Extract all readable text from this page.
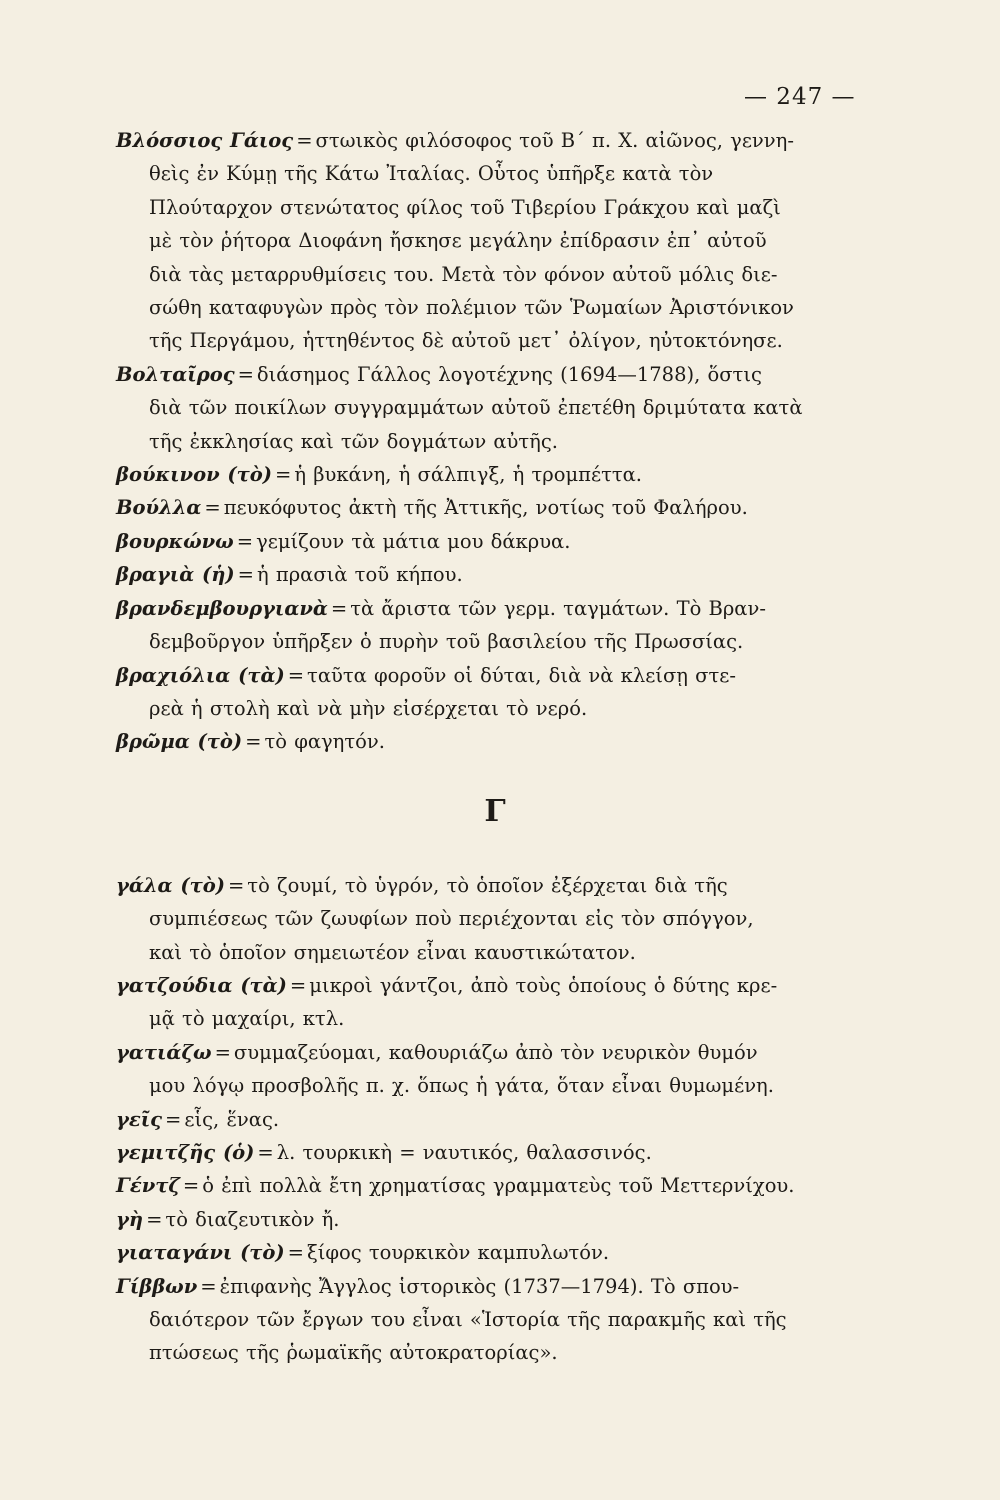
— 247 —
Βλόσσιος Γάιος = στωικὸς φιλόσοφος τοῦ Β΄ π. Χ. αἰῶνος, γεννη-
θεὶς ἐν Κύμῃ τῆς Κάτω Ἰταλίας. Οὗτος ὑπῆρξε κατὰ τὸν
Πλούταρχον στενώτατος φίλος τοῦ Τιβερίου Γράκχου καὶ μαζὶ
μὲ τὸν ῥήτορα Διοφάνη ἤσκησε μεγάλην ἐπίδρασιν ἐπ᾽ αὐτοῦ
διὰ τὰς μεταρρυθμίσεις του. Μετὰ τὸν φόνον αὐτοῦ μόλις διε-
σώθη καταφυγὼν πρὸς τὸν πολέμιον τῶν Ῥωμαίων Ἀριστόνικον
τῆς Περγάμου, ἡττηθέντος δὲ αὐτοῦ μετ᾽ ὀλίγον, ηὐτοκτόνησε.
Βολταῖρος = διάσημος Γάλλος λογοτέχνης (1694—1788), ὅστις
διὰ τῶν ποικίλων συγγραμμάτων αὐτοῦ ἐπετέθη δριμύτατα κατὰ
τῆς ἐκκλησίας καὶ τῶν δογμάτων αὐτῆς.
βούκινον (τὸ) = ἡ βυκάνη, ἡ σάλπιγξ, ἡ τρομπέττα.
Βούλλα = πευκόφυτος ἀκτὴ τῆς Ἀττικῆς, νοτίως τοῦ Φαλήρου.
βουρκώνω = γεμίζουν τὰ μάτια μου δάκρυα.
βραγιὰ (ἡ) = ἡ πρασιὰ τοῦ κήπου.
βρανδεμβουργιανὰ = τὰ ἄριστα τῶν γερμ. ταγμάτων. Τὸ Βραν-
δεμβοῦργον ὑπῆρξεν ὁ πυρὴν τοῦ βασιλείου τῆς Πρωσσίας.
βραχιόλια (τὰ) = ταῦτα φοροῦν οἱ δύται, διὰ νὰ κλείσῃ στε-
ρεὰ ἡ στολὴ καὶ νὰ μὴν εἰσέρχεται τὸ νερό.
βρῶμα (τὸ) = τὸ φαγητόν.
Γ
γάλα (τὸ) = τὸ ζουμί, τὸ ὑγρόν, τὸ ὁποῖον ἐξέρχεται διὰ τῆς
συμπιέσεως τῶν ζωυφίων ποὺ περιέχονται εἰς τὸν σπόγγον,
καὶ τὸ ὁποῖον σημειωτέον εἶναι καυστικώτατον.
γατζούδια (τὰ) = μικροὶ γάντζοι, ἀπὸ τοὺς ὁποίους ὁ δύτης κρε-
μᾷ τὸ μαχαίρι, κτλ.
γατιάζω = συμμαζεύομαι, καθουριάζω ἀπὸ τὸν νευρικὸν θυμόν
μου λόγῳ προσβολῆς π. χ. ὅπως ἡ γάτα, ὅταν εἶναι θυμωμένη.
γεῖς = εἷς, ἕνας.
γεμιτζῆς (ὁ) = λ. τουρκικὴ = ναυτικός, θαλασσινός.
Γέντζ = ὁ ἐπὶ πολλὰ ἔτη χρηματίσας γραμματεὺς τοῦ Μεττερνίχου.
γὴ = τὸ διαζευτικὸν ἤ.
γιαταγάνι (τὸ) = ξίφος τουρκικὸν καμπυλωτόν.
Γίββων = ἐπιφανὴς Ἄγγλος ἱστορικὸς (1737—1794). Τὸ σπου-
δαιότερον τῶν ἔργων του εἶναι «Ἱστορία τῆς παρακμῆς καὶ τῆς
πτώσεως τῆς ῥωμαϊκῆς αὐτοκρατορίας».
